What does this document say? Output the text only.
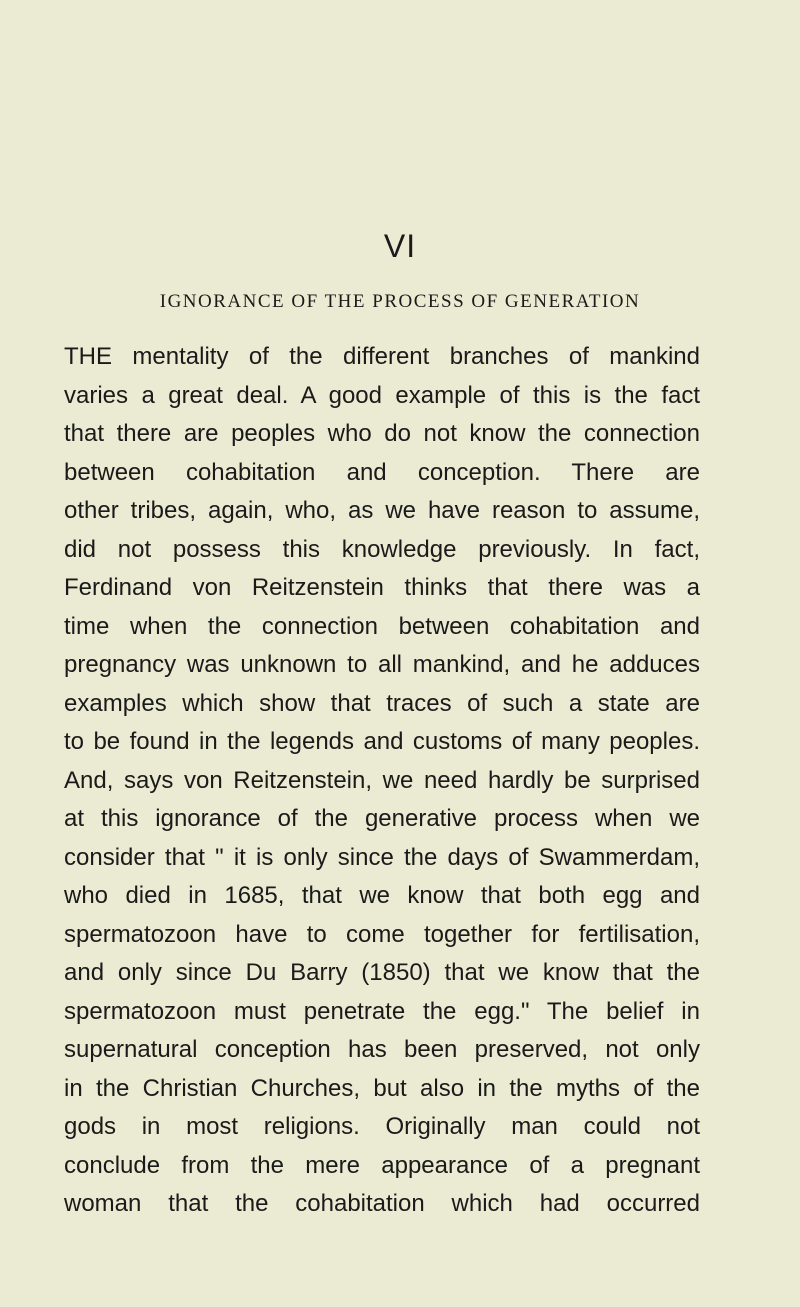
VI
IGNORANCE OF THE PROCESS OF GENERATION
THE mentality of the different branches of mankind
varies a great deal. A good example of this is the fact
that there are peoples who do not know the connection
between cohabitation and conception. There are
other tribes, again, who, as we have reason to assume,
did not possess this knowledge previously. In fact,
Ferdinand von Reitzenstein thinks that there was a
time when the connection between cohabitation and
pregnancy was unknown to all mankind, and he adduces
examples which show that traces of such a state are
to be found in the legends and customs of many peoples.
And, says von Reitzenstein, we need hardly be surprised
at this ignorance of the generative process when we
consider that " it is only since the days of Swammerdam,
who died in 1685, that we know that both egg and
spermatozoon have to come together for fertilisation,
and only since Du Barry (1850) that we know that the
spermatozoon must penetrate the egg." The belief in
supernatural conception has been preserved, not only
in the Christian Churches, but also in the myths of the
gods in most religions. Originally man could not
conclude from the mere appearance of a pregnant
woman that the cohabitation which had occurred
